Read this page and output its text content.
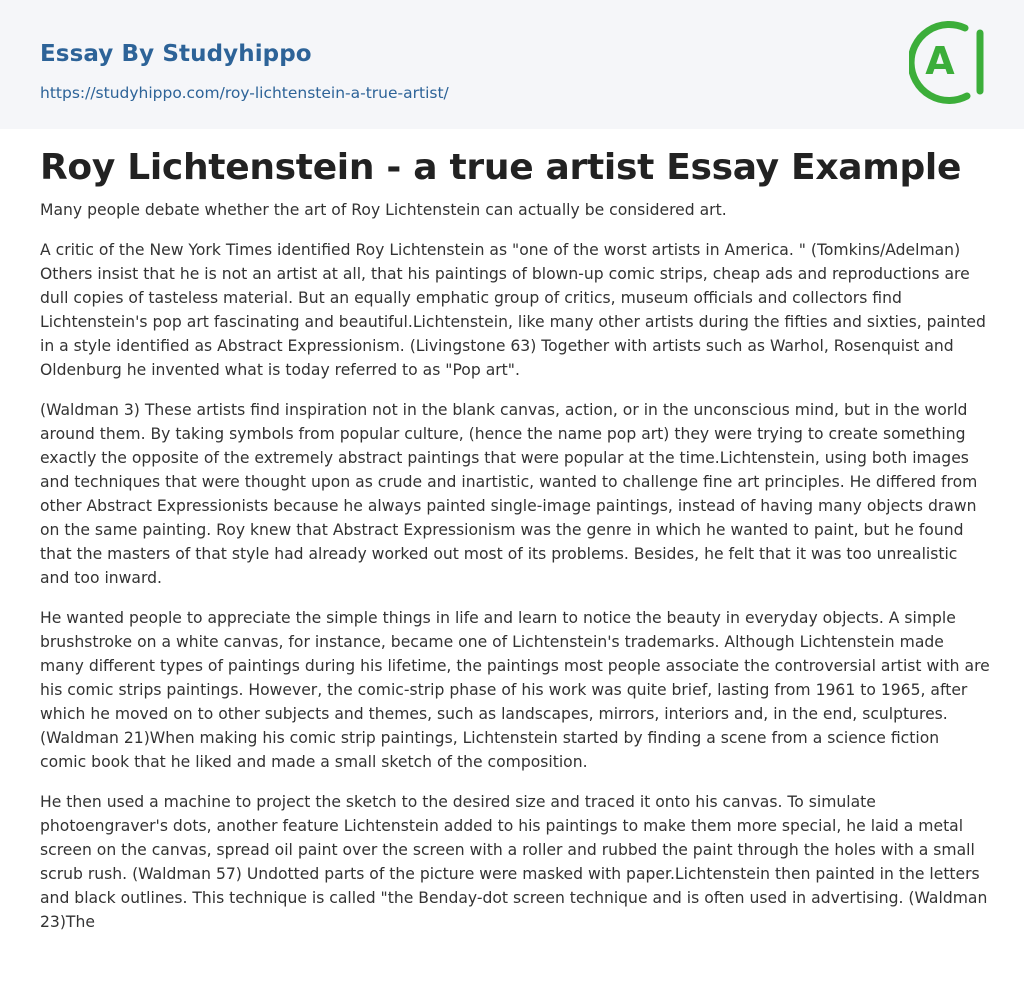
Essay By Studyhippo
https://studyhippo.com/roy-lichtenstein-a-true-artist/
A
Roy Lichtenstein - a true artist Essay Example

Many people debate whether the art of Roy Lichtenstein can actually be considered art.

A critic of the New York Times identified Roy Lichtenstein as "one of the worst artists in America. " (Tomkins/Adelman) Others insist that he is not an artist at all, that his paintings of blown-up comic strips, cheap ads and reproductions are dull copies of tasteless material. But an equally emphatic group of critics, museum officials and collectors find Lichtenstein's pop art fascinating and beautiful.Lichtenstein, like many other artists during the fifties and sixties, painted in a style identified as Abstract Expressionism. (Livingstone 63) Together with artists such as Warhol, Rosenquist and Oldenburg he invented what is today referred to as "Pop art".

(Waldman 3) These artists find inspiration not in the blank canvas, action, or in the unconscious mind, but in the world around them. By taking symbols from popular culture, (hence the name pop art) they were trying to create something exactly the opposite of the extremely abstract paintings that were popular at the time.Lichtenstein, using both images and techniques that were thought upon as crude and inartistic, wanted to challenge fine art principles. He differed from other Abstract Expressionists because he always painted single-image paintings, instead of having many objects drawn on the same painting. Roy knew that Abstract Expressionism was the genre in which he wanted to paint, but he found that the masters of that style had already worked out most of its problems. Besides, he felt that it was too unrealistic and too inward.

He wanted people to appreciate the simple things in life and learn to notice the beauty in everyday objects. A simple brushstroke on a white canvas, for instance, became one of Lichtenstein's trademarks. Although Lichtenstein made many different types of paintings during his lifetime, the paintings most people associate the controversial artist with are his comic strips paintings. However, the comic-strip phase of his work was quite brief, lasting from 1961 to 1965, after which he moved on to other subjects and themes, such as landscapes, mirrors, interiors and, in the end, sculptures. (Waldman 21)When making his comic strip paintings, Lichtenstein started by finding a scene from a science fiction comic book that he liked and made a small sketch of the composition.

He then used a machine to project the sketch to the desired size and traced it onto his canvas. To simulate photoengraver's dots, another feature Lichtenstein added to his paintings to make them more special, he laid a metal screen on the canvas, spread oil paint over the screen with a roller and rubbed the paint through the holes with a small scrub rush. (Waldman 57) Undotted parts of the picture were masked with paper.Lichtenstein then painted in the letters and black outlines. This technique is called "the Benday-dot screen technique and is often used in advertising. (Waldman 23)The
